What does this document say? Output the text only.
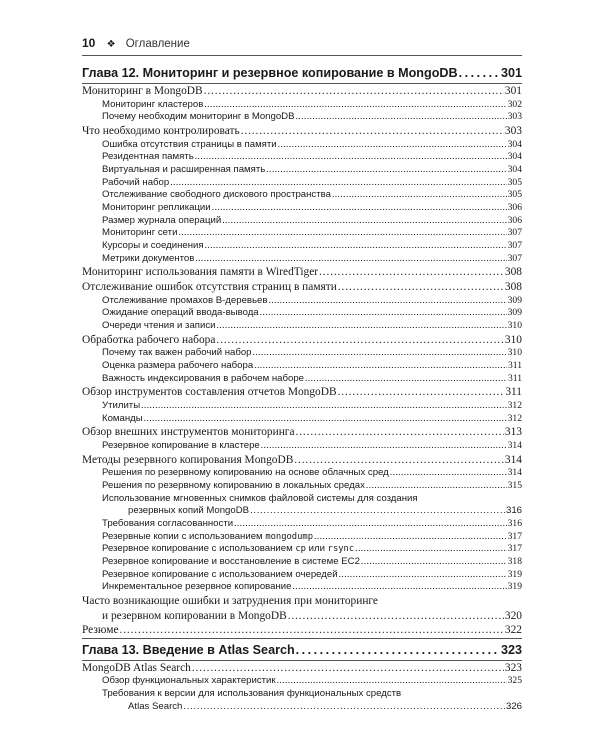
10 ❖ Оглавление
Глава 12. Мониторинг и резервное копирование в MongoDB . . .	301
Мониторинг в MongoDB . . .	301
Мониторинг кластеров . . .	302
Почему необходим мониторинг в MongoDB . . .	303
Что необходимо контролировать . . .	303
Ошибка отсутствия страницы в памяти . . .	304
Резидентная память . . .	304
Виртуальная и расширенная память . . .	304
Рабочий набор . . .	305
Отслеживание свободного дискового пространства . . .	305
Мониторинг репликации . . .	306
Размер журнала операций . . .	306
Мониторинг сети . . .	307
Курсоры и соединения . . .	307
Метрики документов . . .	307
Мониторинг использования памяти в WiredTiger . . .	308
Отслеживание ошибок отсутствия страниц в памяти . . .	308
Отслеживание промахов B-деревьев . . .	309
Ожидание операций ввода-вывода . . .	309
Очереди чтения и записи . . .	310
Обработка рабочего набора . . .	310
Почему так важен рабочий набор . . .	310
Оценка размера рабочего набора . . .	311
Важность индексирования в рабочем наборе . . .	311
Обзор инструментов составления отчетов MongoDB . . .	311
Утилиты . . .	312
Команды . . .	312
Обзор внешних инструментов мониторинга . . .	313
Резервное копирование в кластере . . .	314
Методы резервного копирования MongoDB . . .	314
Решения по резервному копированию на основе облачных сред . . .	314
Решения по резервному копированию в локальных средах . . .	315
Использование мгновенных снимков файловой системы для создания
резервных копий MongoDB . . .	316
Требования согласованности . . .	316
Резервные копии с использованием mongodump . . .	317
Резервное копирование с использованием cp или rsync . . .	317
Резервное копирование и восстановление в системе EC2 . . .	318
Резервное копирование с использованием очередей . . .	319
Инкрементальное резервное копирование . . .	319
Часто возникающие ошибки и затруднения при мониторинге
и резервном копировании в MongoDB . . .	320
Резюме . . .	322
Глава 13. Введение в Atlas Search . . .	323
MongoDB Atlas Search . . .	323
Обзор функциональных характеристик . . .	325
Требования к версии для использования функциональных средств
Atlas Search . . .	326
